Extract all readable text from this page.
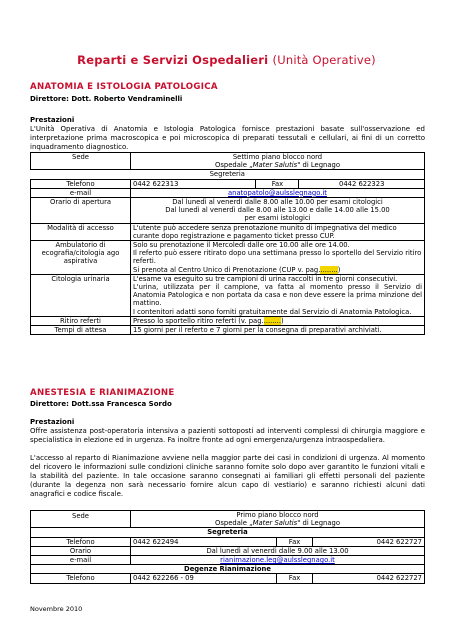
Reparti e Servizi Ospedalieri (Unità Operative)
ANATOMIA E ISTOLOGIA PATOLOGICA
Direttore: Dott. Roberto Vendraminelli
Prestazioni
L'Unità Operativa di Anatomia e Istologia Patologica fornisce prestazioni basate sull'osservazione ed interpretazione prima macroscopica e poi microscopica di preparati tessutali e cellulari, ai fini di un corretto inquadramento diagnostico.
Sede	Settimo piano blocco nord
Ospedale „Mater Salutis" di Legnago		
Segreteria			
Telefono	0442 622313	Fax	0442 622323
e-mail	anatopatolo@aulsslegnago.it		
Orario di apertura	Dal lunedì al venerdì dalle 8.00 alle 10.00 per esami citologici
Dal lunedì al venerdì dalle 8.00 alle 13.00 e dalle 14.00 alle 15.00
per esami istologici		
Modalità di accesso	L'utente può accedere senza prenotazione munito di impegnativa del medico curante dopo registrazione e pagamento ticket presso CUP.		
Ambulatorio di ecografia/citologia ago aspirativa	Solo su prenotazione il Mercoledì dalle ore 10.00 alle ore 14.00.
Il referto può essere ritirato dopo una settimana presso lo sportello del Servizio ritiro referti.
Si prenota al Centro Unico di Prenotazione (CUP v. pag.........)		
Citologia urinaria	L'esame va eseguito su tre campioni di urina raccolti in tre giorni consecutivi.
L'urina, utilizzata per il campione, va fatta al momento presso il Servizio di Anatomia Patologica e non portata da casa e non deve essere la prima minzione del mattino.
I contenitori adatti sono forniti gratuitamente dal Servizio di Anatomia Patologica.		
Ritiro referti	Presso lo sportello ritiro referti (v. pag.........)		
Tempi di attesa	15 giorni per il referto e 7 giorni per la consegna di preparativi archiviati.		
ANESTESIA E RIANIMAZIONE
Direttore: Dott.ssa Francesca Sordo
Prestazioni
Offre assistenza post-operatoria intensiva a pazienti sottoposti ad interventi complessi di chirurgia maggiore e specialistica in elezione ed in urgenza. Fa inoltre fronte ad ogni emergenza/urgenza intraospedaliera.
L'accesso al reparto di Rianimazione avviene nella maggior parte dei casi in condizioni di urgenza. Al momento del ricovero le informazioni sulle condizioni cliniche saranno fornite solo dopo aver garantito le funzioni vitali e la stabilità del paziente. In tale occasione saranno consegnati ai familiari gli effetti personali del paziente (durante la degenza non sarà necessario fornire alcun capo di vestiario) e saranno richiesti alcuni dati anagrafici e codice fiscale.
Sede	Primo piano blocco nord
Ospedale „Mater Salutis" di Legnago		
Segreteria			
Telefono	0442 622494	Fax	0442 622727
Orario	Dal lunedì al venerdì dalle 9.00 alle 13.00		
e-mail	rianimazione.leg@aulsslegnago.it		
Degenze Rianimazione			
Telefono	0442 622266 - 09	Fax	0442 622727
Novembre 2010
